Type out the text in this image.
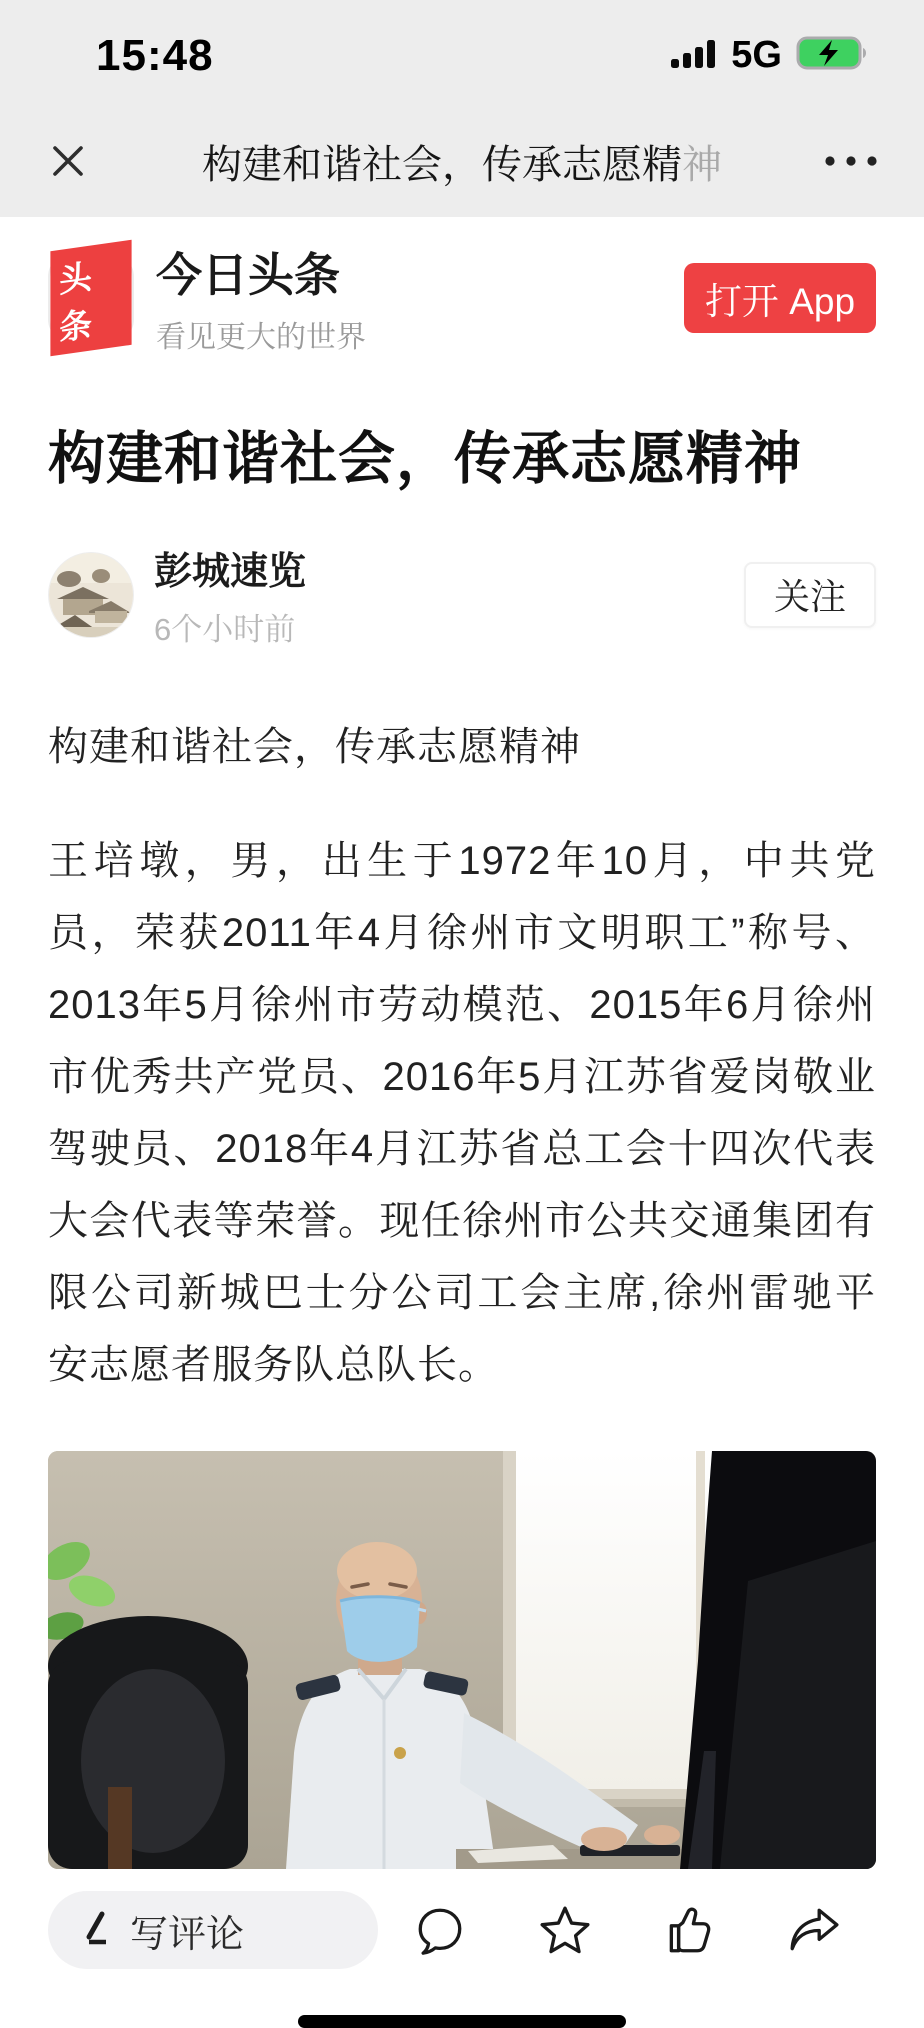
15:48	5G
构建和谐社会，传承志愿精神
头条
今日头条
看见更大的世界
打开 App
构建和谐社会，传承志愿精神
彭城速览
6个小时前
关注

构建和谐社会，传承志愿精神

王培墩，男，出生于1972年10月，中共党员，荣获2011年4月徐州市文明职工”称号、2013年5月徐州市劳动模范、2015年6月徐州市优秀共产党员、2016年5月江苏省爱岗敬业驾驶员、2018年4月江苏省总工会十四次代表大会代表等荣誉。现任徐州市公共交通集团有限公司新城巴士分公司工会主席,徐州雷驰平安志愿者服务队总队长。

写评论
